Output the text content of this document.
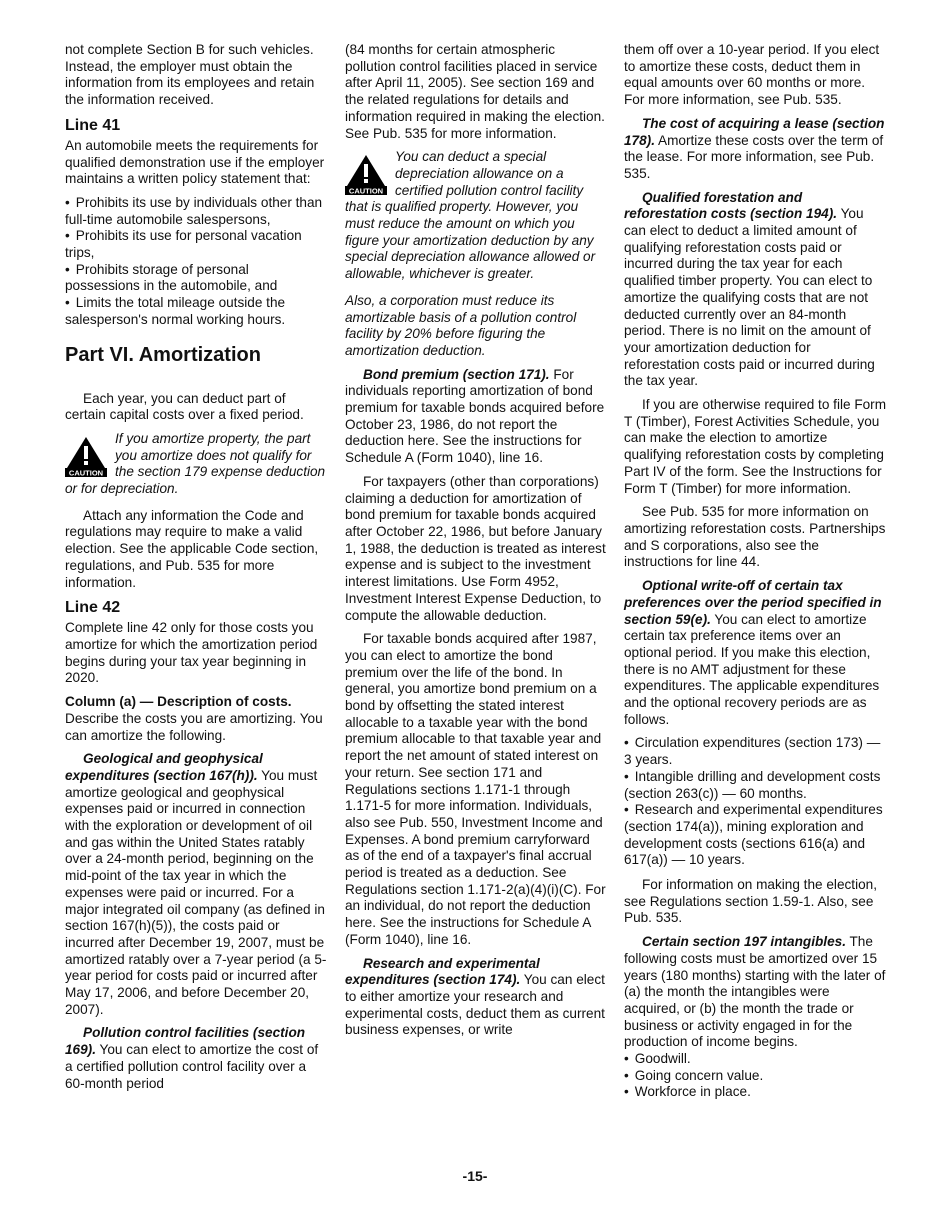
not complete Section B for such vehicles. Instead, the employer must obtain the information from its employees and retain the information received.

Line 41

An automobile meets the requirements for qualified demonstration use if the employer maintains a written policy statement that:

• Prohibits its use by individuals other than full-time automobile salespersons,
• Prohibits its use for personal vacation trips,
• Prohibits storage of personal possessions in the automobile, and
• Limits the total mileage outside the salesperson's normal working hours.
Part VI. Amortization

Each year, you can deduct part of certain capital costs over a fixed period.

CAUTION

If you amortize property, the part you amortize does not qualify for the section 179 expense deduction or for depreciation.

Attach any information the Code and regulations may require to make a valid election. See the applicable Code section, regulations, and Pub. 535 for more information.

Line 42

Complete line 42 only for those costs you amortize for which the amortization period begins during your tax year beginning in 2020.

Column (a) — Description of costs. Describe the costs you are amortizing. You can amortize the following.

Geological and geophysical expenditures (section 167(h)). You must amortize geological and geophysical expenses paid or incurred in connection with the exploration or development of oil and gas within the United States ratably over a 24-month period, beginning on the mid-point of the tax year in which the expenses were paid or incurred. For a major integrated oil company (as defined in section 167(h)(5)), the costs paid or incurred after December 19, 2007, must be amortized ratably over a 7-year period (a 5-year period for costs paid or incurred after May 17, 2006, and before December 20, 2007).

Pollution control facilities (section 169). You can elect to amortize the cost of a certified pollution control facility over a 60-month period

(84 months for certain atmospheric pollution control facilities placed in service after April 11, 2005). See section 169 and the related regulations for details and information required in making the election. See Pub. 535 for more information.

CAUTION

You can deduct a special depreciation allowance on a certified pollution control facility that is qualified property. However, you must reduce the amount on which you figure your amortization deduction by any special depreciation allowance allowed or allowable, whichever is greater.

Also, a corporation must reduce its amortizable basis of a pollution control facility by 20% before figuring the amortization deduction.

Bond premium (section 171). For individuals reporting amortization of bond premium for taxable bonds acquired before October 23, 1986, do not report the deduction here. See the instructions for Schedule A (Form 1040), line 16.

For taxpayers (other than corporations) claiming a deduction for amortization of bond premium for taxable bonds acquired after October 22, 1986, but before January 1, 1988, the deduction is treated as interest expense and is subject to the investment interest limitations. Use Form 4952, Investment Interest Expense Deduction, to compute the allowable deduction.

For taxable bonds acquired after 1987, you can elect to amortize the bond premium over the life of the bond. In general, you amortize bond premium on a bond by offsetting the stated interest allocable to a taxable year with the bond premium allocable to that taxable year and report the net amount of stated interest on your return. See section 171 and Regulations sections 1.171-1 through 1.171-5 for more information. Individuals, also see Pub. 550, Investment Income and Expenses. A bond premium carryforward as of the end of a taxpayer's final accrual period is treated as a deduction. See Regulations section 1.171-2(a)(4)(i)(C). For an individual, do not report the deduction here. See the instructions for Schedule A (Form 1040), line 16.

Research and experimental expenditures (section 174). You can elect to either amortize your research and experimental costs, deduct them as current business expenses, or write

them off over a 10-year period. If you elect to amortize these costs, deduct them in equal amounts over 60 months or more. For more information, see Pub. 535.

The cost of acquiring a lease (section 178). Amortize these costs over the term of the lease. For more information, see Pub. 535.

Qualified forestation and reforestation costs (section 194). You can elect to deduct a limited amount of qualifying reforestation costs paid or incurred during the tax year for each qualified timber property. You can elect to amortize the qualifying costs that are not deducted currently over an 84-month period. There is no limit on the amount of your amortization deduction for reforestation costs paid or incurred during the tax year.

If you are otherwise required to file Form T (Timber), Forest Activities Schedule, you can make the election to amortize qualifying reforestation costs by completing Part IV of the form. See the Instructions for Form T (Timber) for more information.

See Pub. 535 for more information on amortizing reforestation costs. Partnerships and S corporations, also see the instructions for line 44.

Optional write-off of certain tax preferences over the period specified in section 59(e). You can elect to amortize certain tax preference items over an optional period. If you make this election, there is no AMT adjustment for these expenditures. The applicable expenditures and the optional recovery periods are as follows.

• Circulation expenditures (section 173) — 3 years.
• Intangible drilling and development costs (section 263(c)) — 60 months.
• Research and experimental expenditures (section 174(a)), mining exploration and development costs (sections 616(a) and 617(a)) — 10 years.

For information on making the election, see Regulations section 1.59-1. Also, see Pub. 535.

Certain section 197 intangibles. The following costs must be amortized over 15 years (180 months) starting with the later of (a) the month the intangibles were acquired, or (b) the month the trade or business or activity engaged in for the production of income begins.

• Goodwill.
• Going concern value.
• Workforce in place.
-15-
